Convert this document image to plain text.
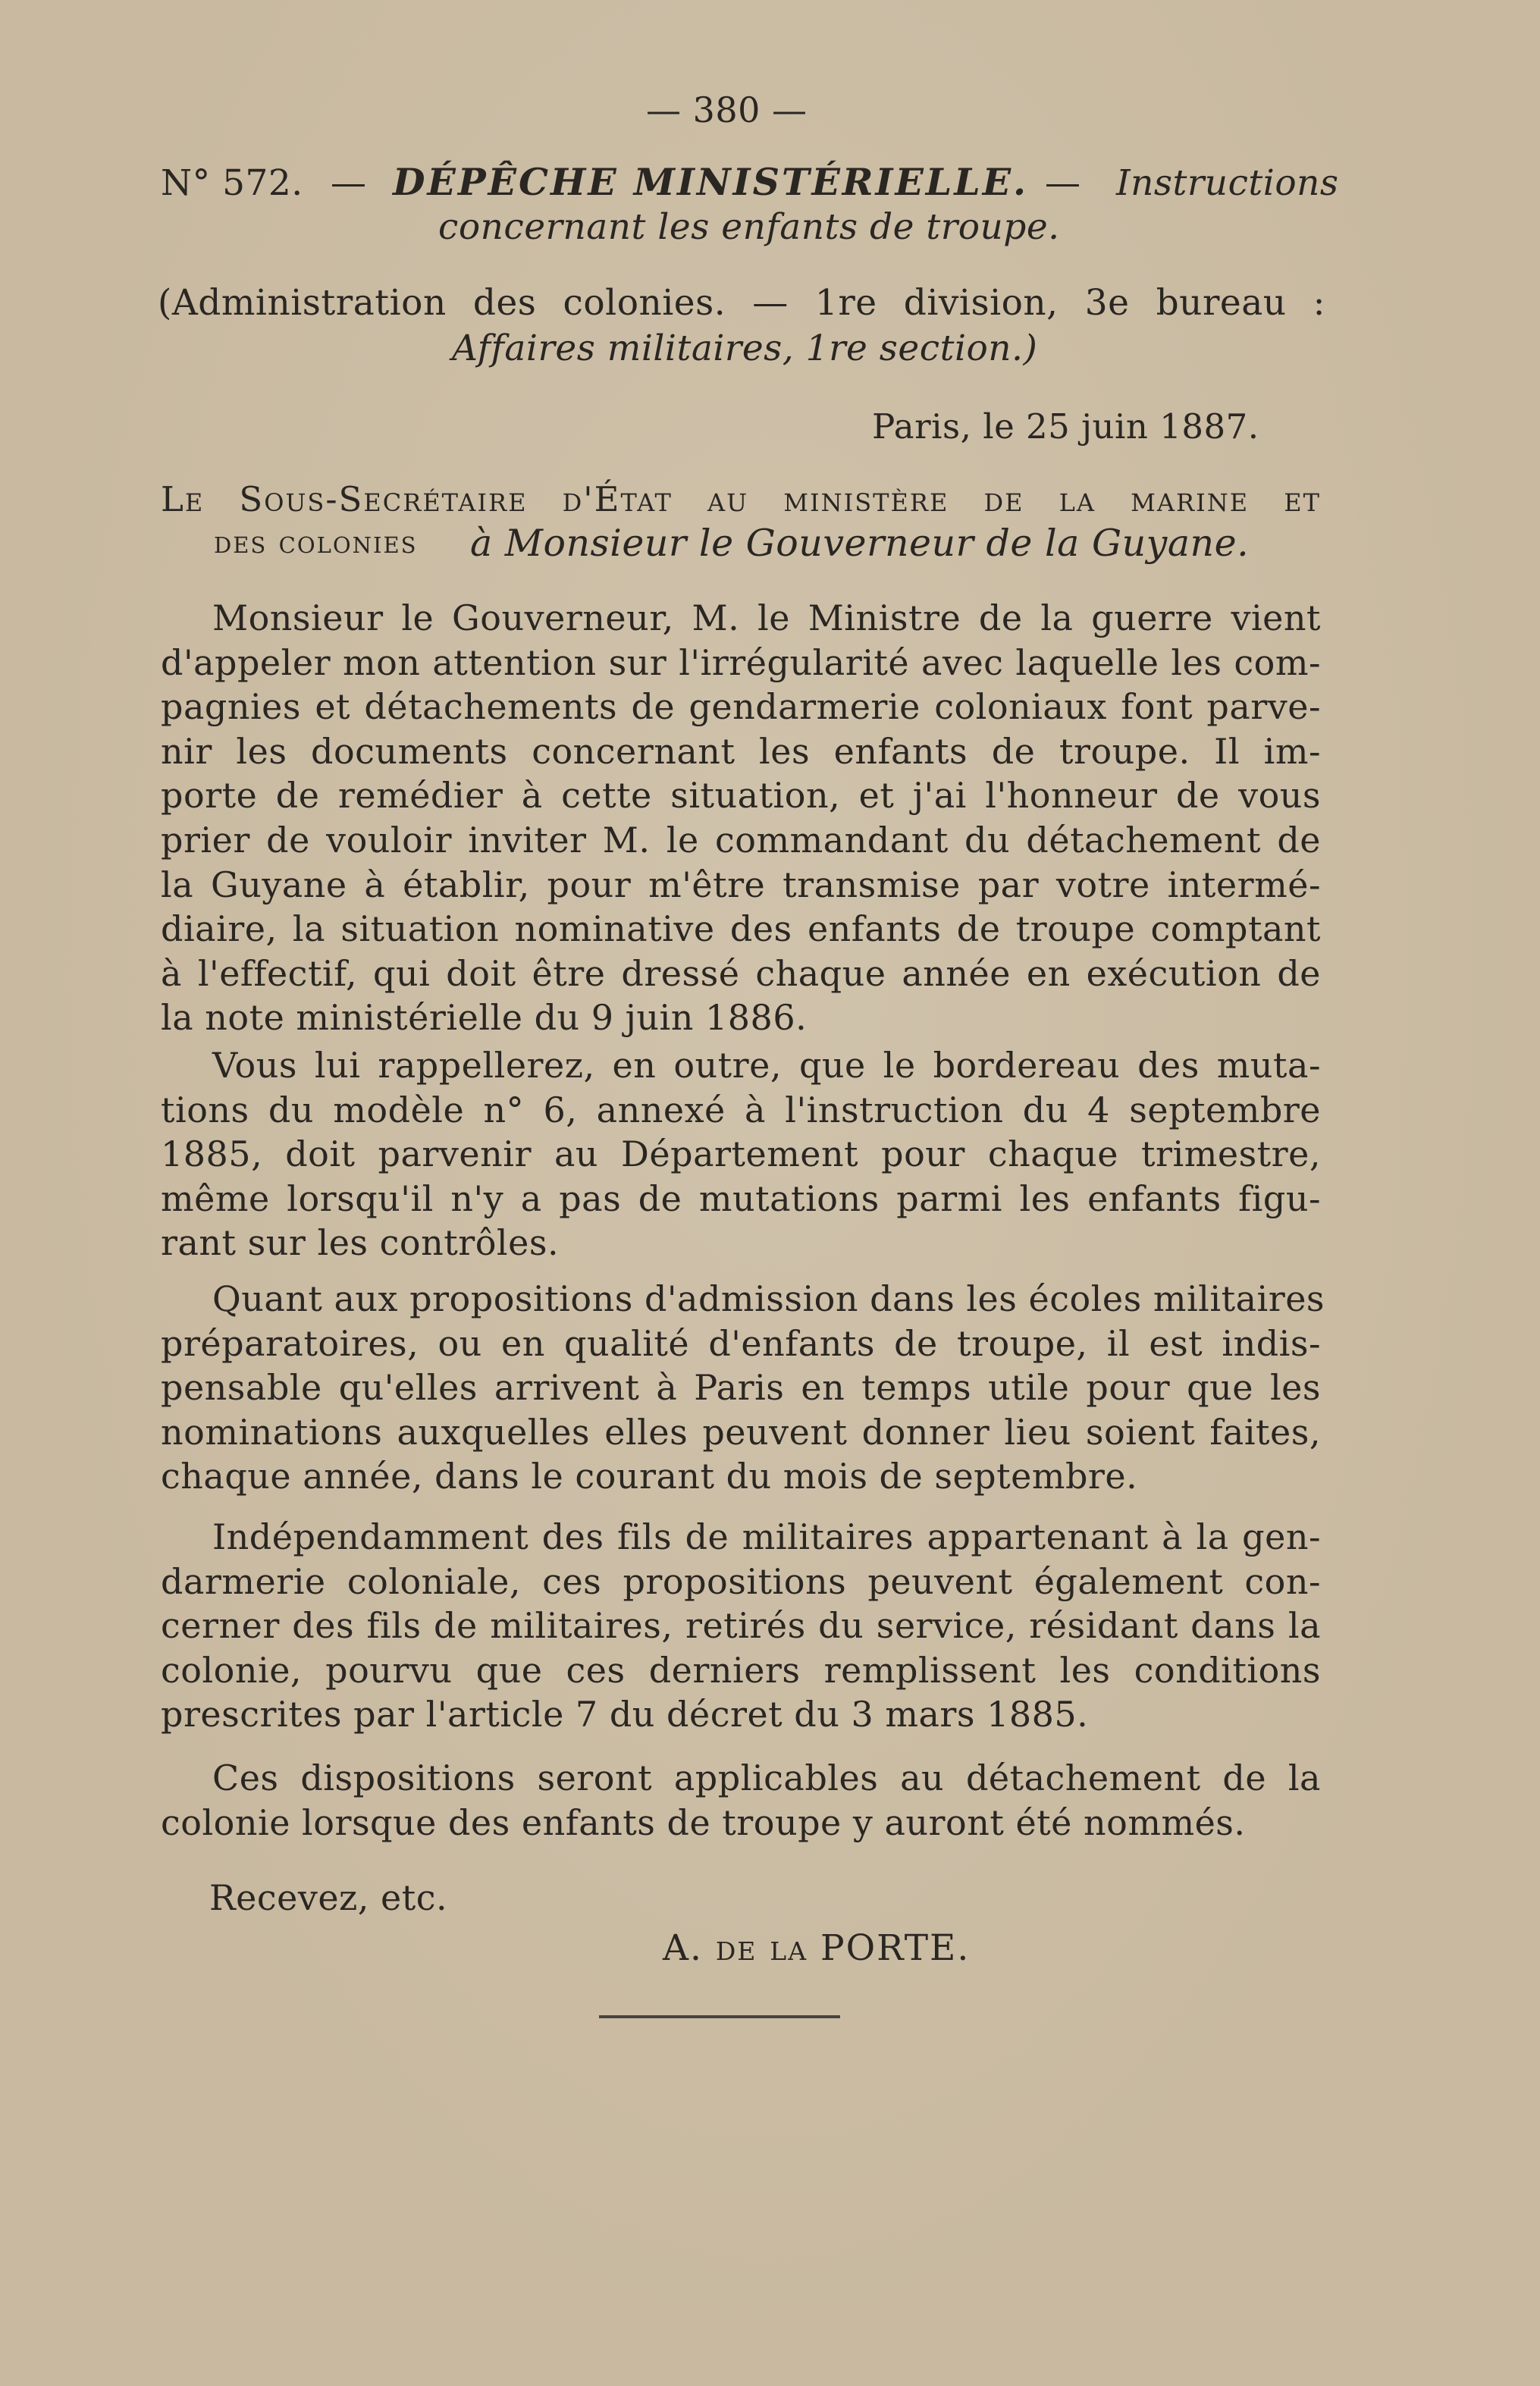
— 380 —
N° 572. — DÉPÊCHE MINISTÉRIELLE. — Instructions
concernant les enfants de troupe.
(Administration des colonies. — 1re division, 3e bureau :
Affaires militaires, 1re section.)
Paris, le 25 juin 1887.
Le Sous-Secrétaire d'État au ministère de la marine et
des colonies à Monsieur le Gouverneur de la Guyane.
Monsieur le Gouverneur, M. le Ministre de la guerre vient
d'appeler mon attention sur l'irrégularité avec laquelle les com-
pagnies et détachements de gendarmerie coloniaux font parve-
nir les documents concernant les enfants de troupe. Il im-
porte de remédier à cette situation, et j'ai l'honneur de vous
prier de vouloir inviter M. le commandant du détachement de
la Guyane à établir, pour m'être transmise par votre intermé-
diaire, la situation nominative des enfants de troupe comptant
à l'effectif, qui doit être dressé chaque année en exécution de
la note ministérielle du 9 juin 1886.
Vous lui rappellerez, en outre, que le bordereau des muta-
tions du modèle n° 6, annexé à l'instruction du 4 septembre
1885, doit parvenir au Département pour chaque trimestre,
même lorsqu'il n'y a pas de mutations parmi les enfants figu-
rant sur les contrôles.
Quant aux propositions d'admission dans les écoles militaires
préparatoires, ou en qualité d'enfants de troupe, il est indis-
pensable qu'elles arrivent à Paris en temps utile pour que les
nominations auxquelles elles peuvent donner lieu soient faites,
chaque année, dans le courant du mois de septembre.
Indépendamment des fils de militaires appartenant à la gen-
darmerie coloniale, ces propositions peuvent également con-
cerner des fils de militaires, retirés du service, résidant dans la
colonie, pourvu que ces derniers remplissent les conditions
prescrites par l'article 7 du décret du 3 mars 1885.
Ces dispositions seront applicables au détachement de la
colonie lorsque des enfants de troupe y auront été nommés.
Recevez, etc.
A. de la PORTE.
